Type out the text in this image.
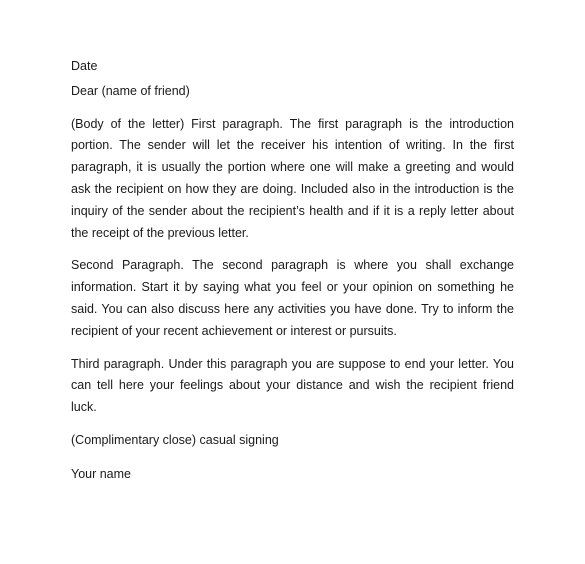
Date

Dear (name of friend)

(Body of the letter) First paragraph. The first paragraph is the introduction portion. The sender will let the receiver his intention of writing. In the first paragraph, it is usually the portion where one will make a greeting and would ask the recipient on how they are doing. Included also in the introduction is the inquiry of the sender about the recipient’s health and if it is a reply letter about the receipt of the previous letter.

Second Paragraph. The second paragraph is where you shall exchange information. Start it by saying what you feel or your opinion on something he said. You can also discuss here any activities you have done. Try to inform the recipient of your recent achievement or interest or pursuits.

Third paragraph. Under this paragraph you are suppose to end your letter. You can tell here your feelings about your distance and wish the recipient friend luck.

(Complimentary close) casual signing

Your name
